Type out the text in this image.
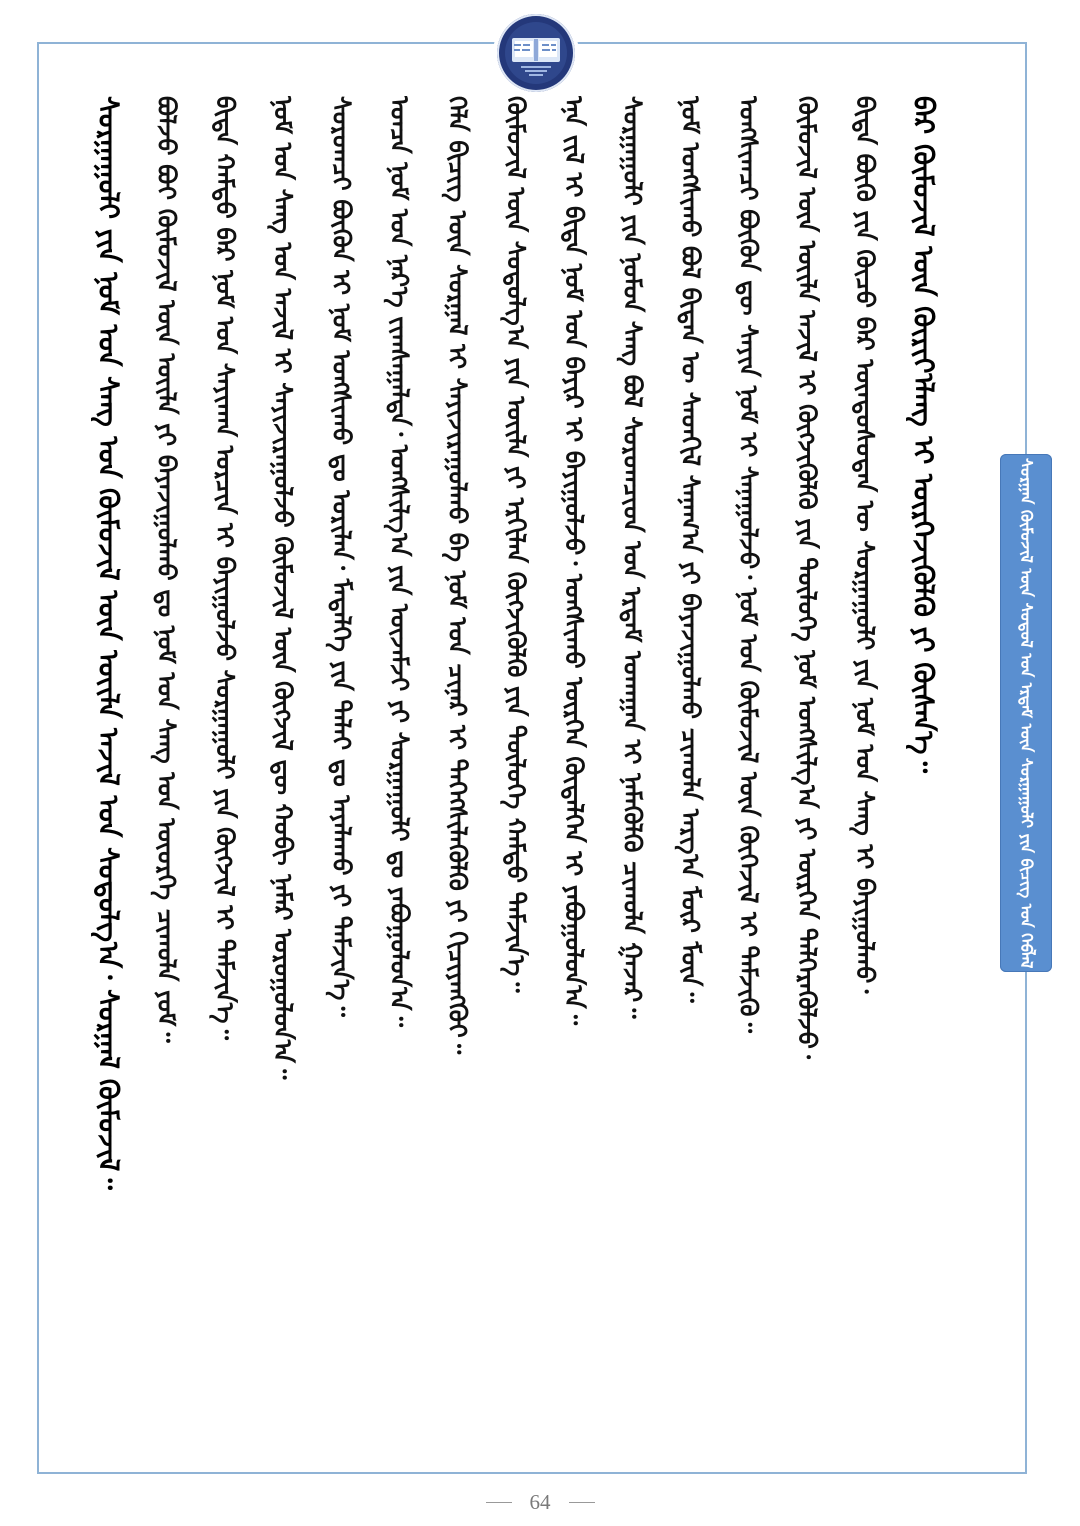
ᠪᠡᠷ ᠬᠦᠮᠦᠵᠢᠯ ᠦᠨ ᠬᠦᠷᠢᠶ᠎ᠡᠯᠡᠩ ᠢ ᠥᠷᠭᠡᠵᠢᠭᠦᠯᠬᠦ ᠶᠢ ᠬᠦᠰᠡᠨ᠎ᠡ᠃
ᠪᠢᠳᠡ ᠪᠦᠬᠦ ᠶᠢᠨ ᠬᠦᠴᠦ ᠪᠡᠷ ᠦᠨᠳᠦᠰᠦᠲᠡᠨ ᠦ ᠰᠤᠷᠭᠠᠭᠤᠯᠢ ᠶᠢᠨ ᠨᠤᠮ ᠤᠨ ᠰᠠᠩ ᠢ ᠪᠠᠶᠢᠭᠤᠯᠬᠤ᠂
ᠬᠦᠮᠦᠵᠢᠯ ᠦᠨ ᠦᠢᠯᠡ ᠠᠵᠢᠯ ᠢ ᠬᠦᠭᠵᠢᠭᠦᠯᠬᠦ ᠶᠢᠨ ᠲᠥᠯᠥᠭᠡ ᠨᠤᠮ ᠤᠩᠰᠢᠯᠭ᠎ᠠ ᠶᠢ ᠥᠷᠭᠡᠨ ᠳᠡᠯᠭᠡᠷᠡᠭᠦᠯᠵᠦ᠂
ᠤᠩᠰᠢᠭᠴᠢ ᠪᠦᠬᠦᠨ ᠳᠦ ᠰᠠᠶᠢᠨ ᠨᠤᠮ ᠢ ᠰᠠᠨᠠᠭᠤᠯᠵᠤ᠂ ᠨᠤᠮ ᠤᠨ ᠬᠥᠮᠦᠵᠢᠯ ᠦᠨ ᠬᠥᠬᠡᠵᠢᠯ ᠢ ᠳᠡᠮᠵᠢᠬᠦ᠃
ᠨᠤᠮ ᠤᠩᠰᠢᠬᠤ ᠪᠣᠯ ᠪᠢᠳᠡᠨ ᠦ ᠰᠡᠳᠬᠢᠯ ᠰᠠᠨᠠᠭ᠎ᠠ ᠶᠢ ᠪᠠᠶᠠᠵᠢᠭᠤᠯᠬᠤ ᠴᠢᠬᠤᠯᠠ ᠠᠷᠭ᠎ᠠ ᠮᠥᠷ ᠮᠥᠨ᠃
ᠰᠤᠷᠭᠠᠭᠤᠯᠢ ᠶᠢᠨ ᠨᠣᠮᠤᠨ ᠰᠠᠩ ᠪᠣᠯ ᠰᠤᠷᠤᠭᠴᠢᠳ ᠤᠨ ᠡᠷᠳᠡᠮ ᠤᠬᠠᠭᠠᠨ ᠢ ᠨᠡᠮᠡᠭᠦᠯᠬᠦ ᠴᠢᠬᠤᠯᠠ ᠭᠠᠵᠠᠷ᠃
ᠡᠨᠡ ᠵᠢᠯ ᠢ ᠪᠢᠳᠡ ᠨᠣᠮ ᠤᠨ ᠪᠠᠶᠢᠷ ᠢ ᠪᠠᠶᠢᠭᠤᠯᠵᠤ᠂ ᠤᠩᠰᠢᠬᠤ ᠥᠷᠭᠡᠨ ᠬᠥᠳᠡᠯᠭᠡᠨ ᠢ ᠶᠠᠪᠤᠭᠤᠯᠤᠨ᠎ᠠ᠃
ᠬᠦᠮᠦᠵᠢᠯ ᠦᠨ ᠰᠤᠳᠤᠯᠭ᠎ᠠ ᠶᠢᠨ ᠦᠢᠯᠡ ᠶᠢ ᠡᠷᠬᠢᠯᠡᠨ ᠬᠥᠭᠵᠢᠭᠦᠯᠬᠦ ᠶᠢᠨ ᠲᠥᠯᠥᠭᠡ ᠬᠠᠮᠲᠤ ᠳᠡᠮᠵᠢᠨ᠎ᠡ᠃
ᠬᠡᠯᠡ ᠪᠢᠴᠢᠭ ᠦᠨ ᠰᠤᠷᠭᠠᠯ ᠢ ᠰᠠᠶᠢᠵᠢᠷᠠᠭᠤᠯᠬᠤ ᠪᠠ ᠨᠤᠮ ᠤᠨ ᠴᠢᠨᠠᠷ ᠢ ᠳᠡᠭᠡᠭᠰᠢᠯᠡᠭᠦᠯᠬᠦ ᠶᠢ ᠬᠢᠴᠢᠶᠡᠩᠭᠦᠢ᠃
ᠣᠨᠴᠠ ᠨᠤᠮ ᠤᠨ ᠨᠡᠷ᠎ᠡ ᠵᠢᠭᠰᠠᠭᠠᠯᠲᠠ᠂ ᠤᠩᠰᠢᠯᠭ᠎ᠠ ᠶᠢᠨ ᠦᠵᠡᠮᠵᠢ ᠶᠢ ᠰᠤᠷᠭᠠᠭᠤᠯᠢ ᠳᠤ ᠶᠠᠪᠤᠭᠤᠯᠤᠨ᠎ᠠ᠃
ᠰᠤᠷᠤᠭᠴᠢ ᠪᠦᠬᠦᠨ ᠢ ᠨᠤᠮ ᠤᠩᠰᠢᠬᠤ ᠳᠤ ᠤᠷᠢᠯᠠᠨ᠂ ᠮᠡᠳᠡᠯᠭᠡ ᠶᠢᠨ ᠳᠠᠯᠠᠢ ᠳᠤ ᠠᠶᠠᠯᠠᠬᠤ ᠶᠢ ᠳᠡᠮᠵᠢᠨ᠎ᠡ᠃
ᠨᠤᠮ ᠤᠨ ᠰᠠᠩ ᠤᠨ ᠠᠵᠢᠯ ᠢ ᠰᠠᠶᠢᠵᠢᠷᠠᠭᠤᠯᠵᠤ ᠬᠦᠮᠦᠵᠢᠯ ᠦᠨ ᠬᠥᠭᠵᠢᠯ ᠳᠦ ᠬᠤᠪᠢ ᠨᠡᠮᠡᠷ ᠣᠷᠤᠭᠤᠯᠤᠨ᠎ᠠ᠃
ᠪᠢᠳᠡ ᠬᠠᠮᠲᠤ ᠪᠡᠷ ᠨᠤᠮ ᠤᠨ ᠰᠠᠶᠢᠬᠠᠨ ᠤᠷᠴᠢᠨ ᠢ ᠪᠠᠶᠢᠭᠤᠯᠵᠤ ᠰᠤᠷᠭᠠᠭᠤᠯᠢ ᠶᠢᠨ ᠬᠥᠭᠵᠢᠯ ᠢ ᠳᠡᠮᠵᠢᠨ᠎ᠡ᠃
ᠪᠤᠯᠵᠤ ᠪᠤᠢ ᠬᠦᠮᠦᠵᠢᠯ ᠦᠨ ᠦᠢᠯᠡ ᠶᠢ ᠪᠠᠶᠠᠵᠢᠭᠤᠯᠬᠤ ᠳᠤ ᠨᠤᠮ ᠤᠨ ᠰᠠᠩ ᠤᠨ ᠦᠦᠷᠭᠡ ᠴᠢᠬᠤᠯᠠ ᠶᠤᠮ᠃
ᠰᠤᠷᠭᠠᠭᠤᠯᠢ ᠶᠢᠨ ᠨᠤᠮ ᠤᠨ ᠰᠠᠩ ᠤᠨ ᠬᠦᠮᠦᠵᠢᠯ ᠦᠨ ᠦᠢᠯᠡ ᠠᠵᠢᠯ ᠤᠨ ᠰᠤᠳᠤᠯᠭ᠎ᠠ᠂ ᠰᠤᠷᠭᠠᠯ ᠬᠦᠮᠦᠵᠢᠯ᠃	ᠰᠤᠷᠭᠠᠨ ᠬᠦᠮᠦᠵᠢᠯ ᠦᠨ ᠰᠤᠳᠤᠯ ᠤᠨ ᠡᠷᠲᠡᠮ ᠦᠨ ᠰᠤᠷᠭᠠᠭᠤᠯᠢ ᠶᠢᠨ ᠪᠢᠴᠢᠭ ᠤᠨ ᠬᠡᠪᠯᠡᠯ
64
